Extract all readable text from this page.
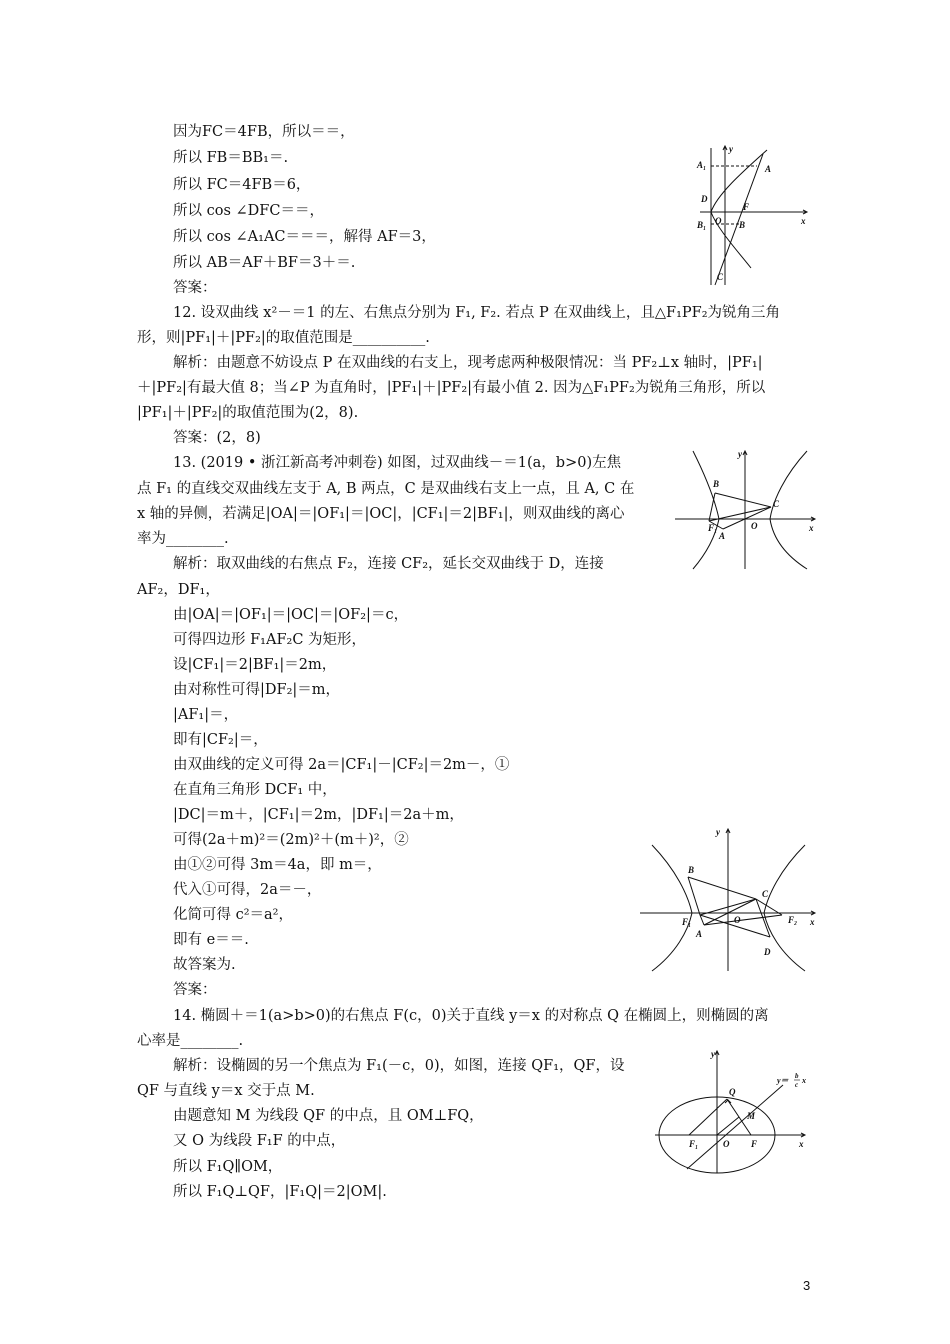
因为FC＝4FB，所以＝＝，
所以 FB＝BB₁＝.
所以 FC＝4FB＝6，
所以 cos ∠DFC＝＝，
所以 cos ∠A₁AC＝＝＝，解得 AF＝3，
所以 AB＝AF＋BF＝3＋＝.
答案：
12. 设双曲线 x²－＝1 的左、右焦点分别为 F₁, F₂. 若点 P 在双曲线上，且△F₁PF₂为锐角三角
形，则|PF₁|＋|PF₂|的取值范围是__________.
解析：由题意不妨设点 P 在双曲线的右支上，现考虑两种极限情况：当 PF₂⊥x 轴时，|PF₁|
＋|PF₂|有最大值 8；当∠P 为直角时，|PF₁|＋|PF₂|有最小值 2. 因为△F₁PF₂为锐角三角形，所以
|PF₁|＋|PF₂|的取值范围为(2，8).
答案：(2，8)
13. (2019 • 浙江新高考冲刺卷) 如图，过双曲线－＝1(a，b>0)左焦
点 F₁ 的直线交双曲线左支于 A, B 两点，C 是双曲线右支上一点，且 A, C 在
x 轴的异侧，若满足|OA|＝|OF₁|＝|OC|，|CF₁|＝2|BF₁|，则双曲线的离心
率为________.
解析：取双曲线的右焦点 F₂，连接 CF₂，延长交双曲线于 D，连接
AF₂，DF₁，
由|OA|＝|OF₁|＝|OC|＝|OF₂|＝c，
可得四边形 F₁AF₂C 为矩形，
设|CF₁|＝2|BF₁|＝2m，
由对称性可得|DF₂|＝m，
|AF₁|＝，
即有|CF₂|＝，
由双曲线的定义可得 2a＝|CF₁|－|CF₂|＝2m－，①
在直角三角形 DCF₁ 中，
|DC|＝m＋，|CF₁|＝2m，|DF₁|＝2a＋m，
可得(2a＋m)²＝(2m)²＋(m＋)²，②
由①②可得 3m＝4a，即 m＝，
代入①可得，2a＝－，
化简可得 c²＝a²，
即有 e＝＝.
故答案为.
答案：
14. 椭圆＋＝1(a>b>0)的右焦点 F(c，0)关于直线 y＝x 的对称点 Q 在椭圆上，则椭圆的离
心率是________.
解析：设椭圆的另一个焦点为 F₁(－c，0)，如图，连接 QF₁，QF，设
QF 与直线 y＝x 交于点 M.
由题意知 M 为线段 QF 的中点，且 OM⊥FQ，
又 O 为线段 F₁F 的中点，
所以 F₁Q∥OM，
所以 F₁Q⊥QF，|F₁Q|＝2|OM|.
y
x
A₁	A
D
O
F
B₁	B
C
y
x
B
C
F₁	O
A
y
x
B
C
F₁	O	F₂
A
D
y
x
Q
M
F₁	O F
y＝ b
c x
3
